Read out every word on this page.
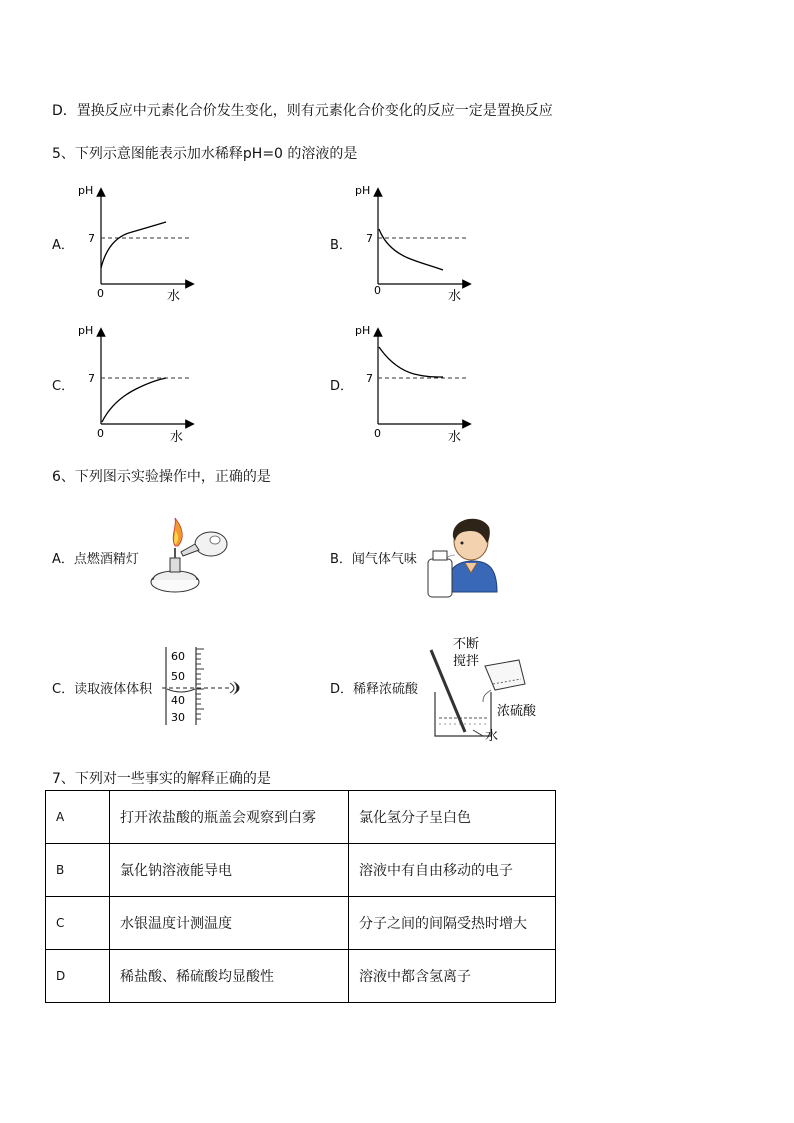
D．置换反应中元素化合价发生变化，则有元素化合价变化的反应一定是置换反应
5、下列示意图能表示加水稀释pH=0 的溶液的是
A．
pH
7
0	水
B．
pH
7
0	水
C．
pH
7
0	水
D．
pH
7
0	水
6、下列图示实验操作中，正确的是
A．点燃酒精灯	B．闻气体气味
C．读取液体体积
60
50
40
30
D．稀释浓硫酸
不断
搅拌
浓硫酸
水
7、下列对一些事实的解释正确的是
A	打开浓盐酸的瓶盖会观察到白雾	氯化氢分子呈白色
B	氯化钠溶液能导电	溶液中有自由移动的电子
C	水银温度计测温度	分子之间的间隔受热时增大
D	稀盐酸、稀硫酸均显酸性	溶液中都含氢离子
